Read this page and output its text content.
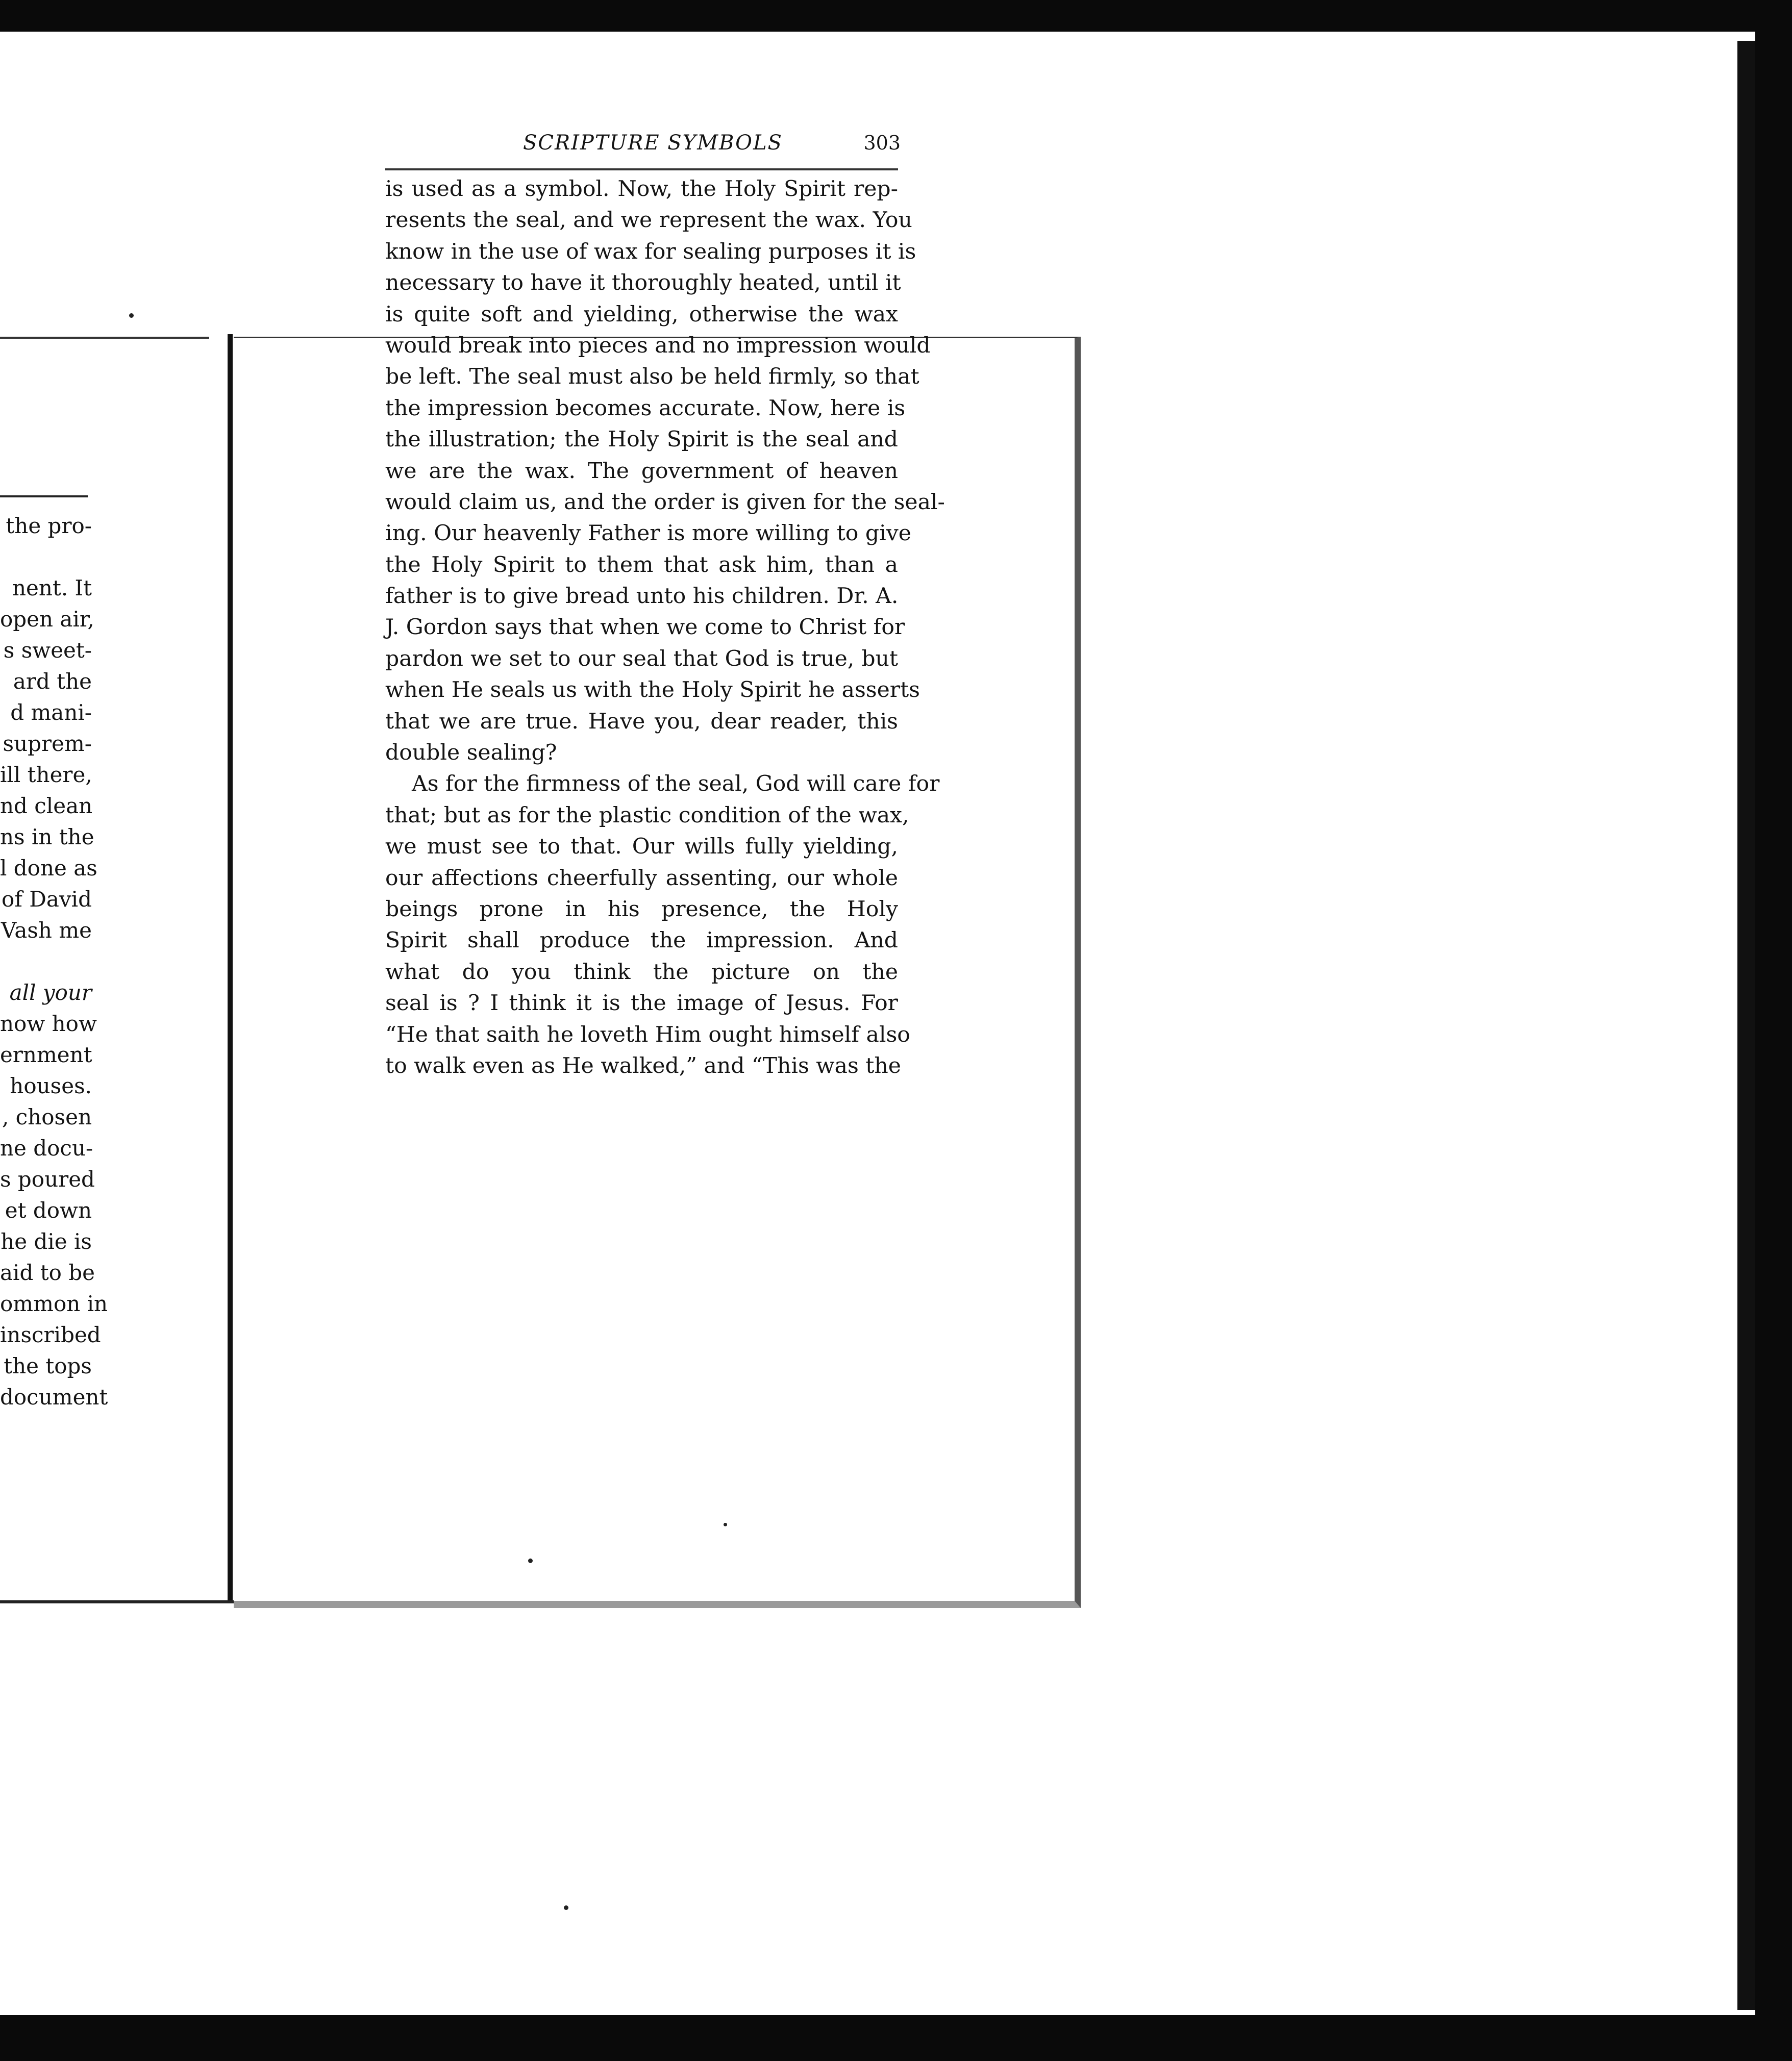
the pro-
nent. It
open air,
s sweet-
ard the
d mani-
suprem-
ill there,
nd clean
ns in the
l done as
of David
Vash me
all your
now how
ernment
houses.
, chosen
ne docu-
s poured
et down
he die is
aid to be
ommon in
inscribed
the tops
document
SCRIPTURE SYMBOLS	303
is used as a symbol. Now, the Holy Spirit rep-
resents the seal, and we represent the wax. You
know in the use of wax for sealing purposes it is
necessary to have it thoroughly heated, until it
is quite soft and yielding, otherwise the wax
would break into pieces and no impression would
be left. The seal must also be held firmly, so that
the impression becomes accurate. Now, here is
the illustration; the Holy Spirit is the seal and
we are the wax. The government of heaven
would claim us, and the order is given for the seal-
ing. Our heavenly Father is more willing to give
the Holy Spirit to them that ask him, than a
father is to give bread unto his children. Dr. A.
J. Gordon says that when we come to Christ for
pardon we set to our seal that God is true, but
when He seals us with the Holy Spirit he asserts
that we are true. Have you, dear reader, this
double sealing?
As for the firmness of the seal, God will care for
that; but as for the plastic condition of the wax,
we must see to that. Our wills fully yielding,
our affections cheerfully assenting, our whole
beings prone in his presence, the Holy
Spirit shall produce the impression. And
what do you think the picture on the
seal is ? I think it is the image of Jesus. For
“He that saith he loveth Him ought himself also
to walk even as He walked,” and “This was the
